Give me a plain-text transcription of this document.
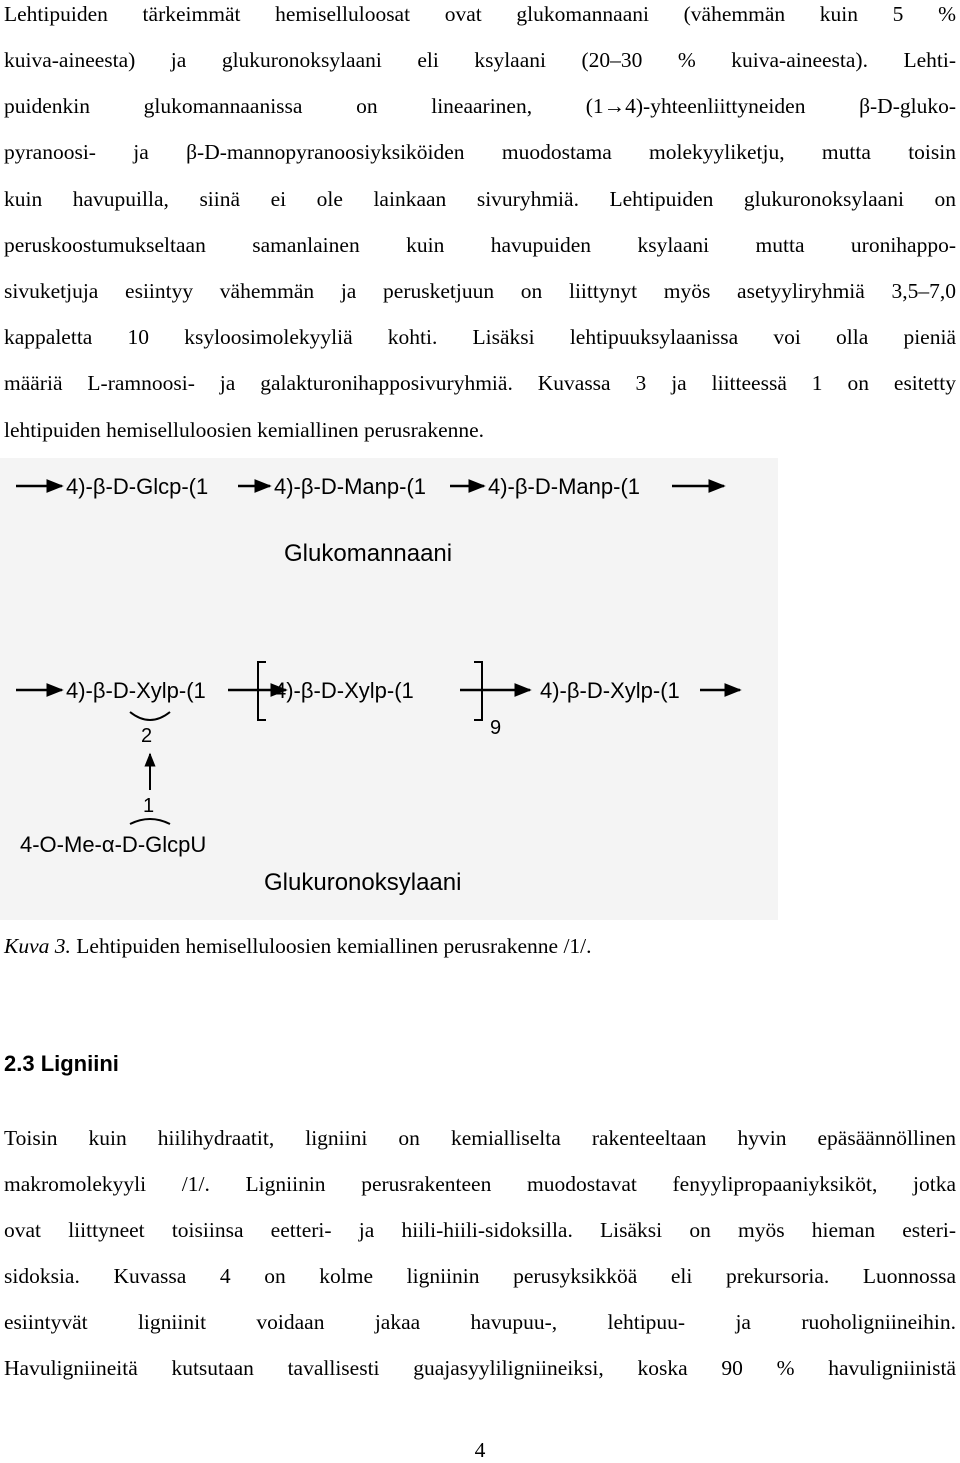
Lehtipuiden tärkeimmät hemiselluloosat ovat glukomannaani (vähemmän kuin 5 %
kuiva-aineesta) ja glukuronoksylaani eli ksylaani (20–30 % kuiva-aineesta). Lehti-
puidenkin glukomannaanissa on lineaarinen, (1→4)-yhteenliittyneiden β-D-gluko-
pyranoosi- ja β-D-mannopyranoosiyksiköiden muodostama molekyyliketju, mutta toisin
kuin havupuilla, siinä ei ole lainkaan sivuryhmiä. Lehtipuiden glukuronoksylaani on
peruskoostumukseltaan samanlainen kuin havupuiden ksylaani mutta uronihappo-
sivuketjuja esiintyy vähemmän ja perusketjuun on liittynyt myös asetyyliryhmiä 3,5–7,0
kappaletta 10 ksyloosimolekyyliä kohti. Lisäksi lehtipuuksylaanissa voi olla pieniä
määriä L-ramnoosi- ja galakturonihapposivuryhmiä. Kuvassa 3 ja liitteessä 1 on esitetty
lehtipuiden hemiselluloosien kemiallinen perusrakenne.
4)-β-D-Glcp-(1	4)-β-D-Manp-(1	4)-β-D-Manp-(1
Glukomannaani
4)-β-D-Xylp-(1	4)-β-D-Xylp-(1
9
4)-β-D-Xylp-(1
2
1
4-O-Me-α-D-GlcpU
Glukuronoksylaani
Kuva 3. Lehtipuiden hemiselluloosien kemiallinen perusrakenne /1/.
2.3 Ligniini
Toisin kuin hiilihydraatit, ligniini on kemialliselta rakenteeltaan hyvin epäsäännöllinen
makromolekyyli /1/. Ligniinin perusrakenteen muodostavat fenyylipropaaniyksiköt, jotka
ovat liittyneet toisiinsa eetteri- ja hiili-hiili-sidoksilla. Lisäksi on myös hieman esteri-
sidoksia. Kuvassa 4 on kolme ligniinin perusyksikköä eli prekursoria. Luonnossa
esiintyvät ligniinit voidaan jakaa havupuu-, lehtipuu- ja ruoholigniineihin.
Havuligniineitä kutsutaan tavallisesti guajasyyliligniineiksi, koska 90 % havuligniinistä
4
